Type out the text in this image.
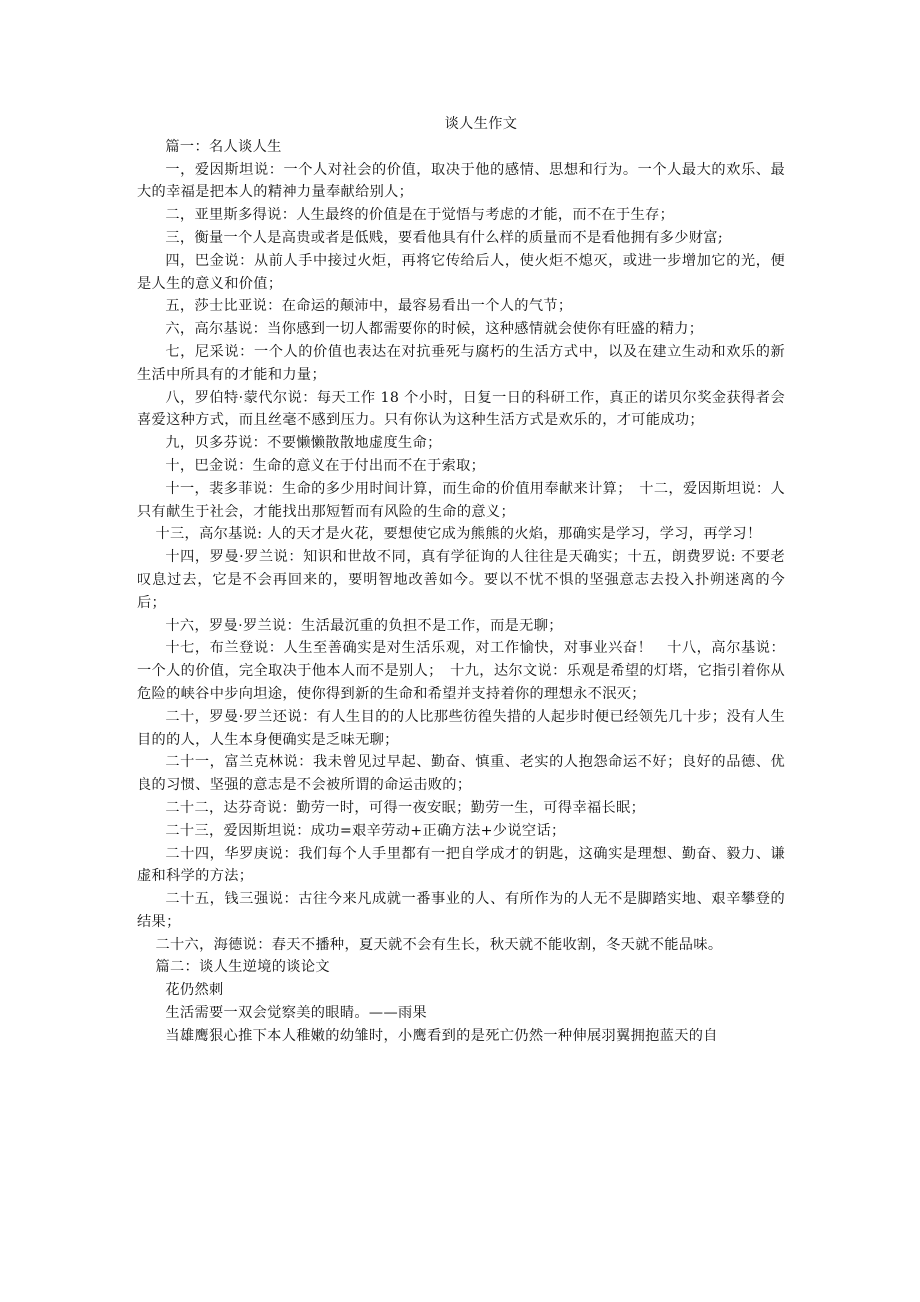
谈人生作文

篇一：名人谈人生

一，爱因斯坦说：一个人对社会的价值，取决于他的感情、思想和行为。一个人最大的欢乐、最大的幸福是把本人的精神力量奉献给别人；

二，亚里斯多得说：人生最终的价值是在于觉悟与考虑的才能，而不在于生存；

三，衡量一个人是高贵或者是低贱，要看他具有什么样的质量而不是看他拥有多少财富;

四，巴金说：从前人手中接过火炬，再将它传给后人，使火炬不熄灭，或进一步增加它的光，便是人生的意义和价值；

五，莎士比亚说：在命运的颠沛中，最容易看出一个人的气节；

六，高尔基说：当你感到一切人都需要你的时候，这种感情就会使你有旺盛的精力；

七，尼采说：一个人的价值也表达在对抗垂死与腐朽的生活方式中，以及在建立生动和欢乐的新生活中所具有的才能和力量；

八，罗伯特·蒙代尔说：每天工作 18 个小时，日复一日的科研工作，真正的诺贝尔奖金获得者会喜爱这种方式，而且丝毫不感到压力。只有你认为这种生活方式是欢乐的，才可能成功；

九，贝多芬说：不要懒懒散散地虚度生命；

十，巴金说：生命的意义在于付出而不在于索取；

十一，裴多菲说：生命的多少用时间计算，而生命的价值用奉献来计算；　十二，爱因斯坦说：人只有献生于社会，才能找出那短暂而有风险的生命的意义；

十三，高尔基说: 人的天才是火花，要想使它成为熊熊的火焰，那确实是学习，学习，再学习！

十四，罗曼·罗兰说：知识和世故不同，真有学征询的人往往是天确实；十五，朗费罗说: 不要老叹息过去，它是不会再回来的，要明智地改善如今。要以不忧不惧的坚强意志去投入扑朔迷离的今后；

十六，罗曼·罗兰说：生活最沉重的负担不是工作，而是无聊；

十七，布兰登说：人生至善确实是对生活乐观，对工作愉快，对事业兴奋！　十八，高尔基说：一个人的价值，完全取决于他本人而不是别人；　十九，达尔文说：乐观是希望的灯塔，它指引着你从危险的峡谷中步向坦途，使你得到新的生命和希望并支持着你的理想永不泯灭；

二十，罗曼·罗兰还说：有人生目的的人比那些彷徨失措的人起步时便已经领先几十步；没有人生目的的人，人生本身便确实是乏味无聊；

二十一，富兰克林说：我未曾见过早起、勤奋、慎重、老实的人抱怨命运不好；良好的品德、优良的习惯、坚强的意志是不会被所谓的命运击败的；

二十二，达芬奇说：勤劳一时，可得一夜安眠；勤劳一生，可得幸福长眠；

二十三，爱因斯坦说：成功=艰辛劳动+正确方法+少说空话；

二十四，华罗庚说：我们每个人手里都有一把自学成才的钥匙，这确实是理想、勤奋、毅力、谦虚和科学的方法；

二十五，钱三强说：古往今来凡成就一番事业的人、有所作为的人无不是脚踏实地、艰辛攀登的结果；

二十六，海德说：春天不播种，夏天就不会有生长，秋天就不能收割，冬天就不能品味。

篇二：谈人生逆境的谈论文

花仍然刺

生活需要一双会觉察美的眼睛。——雨果

当雄鹰狠心推下本人稚嫩的幼雏时，小鹰看到的是死亡仍然一种伸展羽翼拥抱蓝天的自
